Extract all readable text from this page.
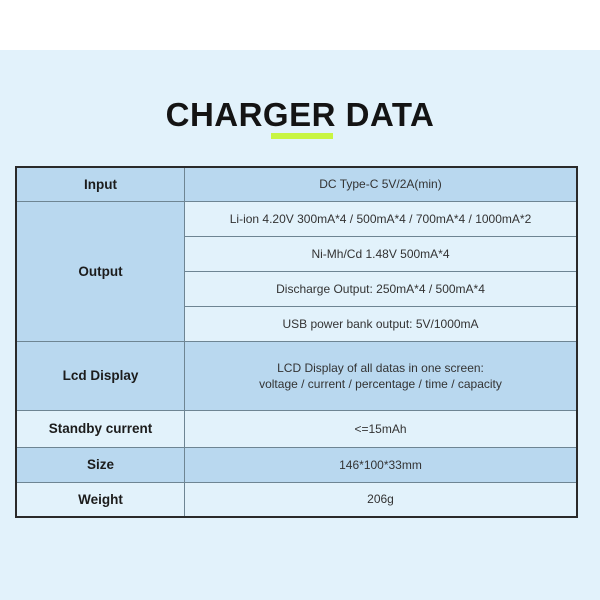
CHARGER DATA
Input	DC Type-C 5V/2A(min)
Output	Li-ion 4.20V 300mA*4 / 500mA*4 / 700mA*4 / 1000mA*2
	Ni-Mh/Cd 1.48V 500mA*4
	Discharge Output: 250mA*4 / 500mA*4
	USB power bank output: 5V/1000mA
Lcd Display	LCD Display of all datas in one screen:
voltage / current / percentage / time / capacity

Standby current	<=15mAh
Size	146*100*33mm
Weight	206g
